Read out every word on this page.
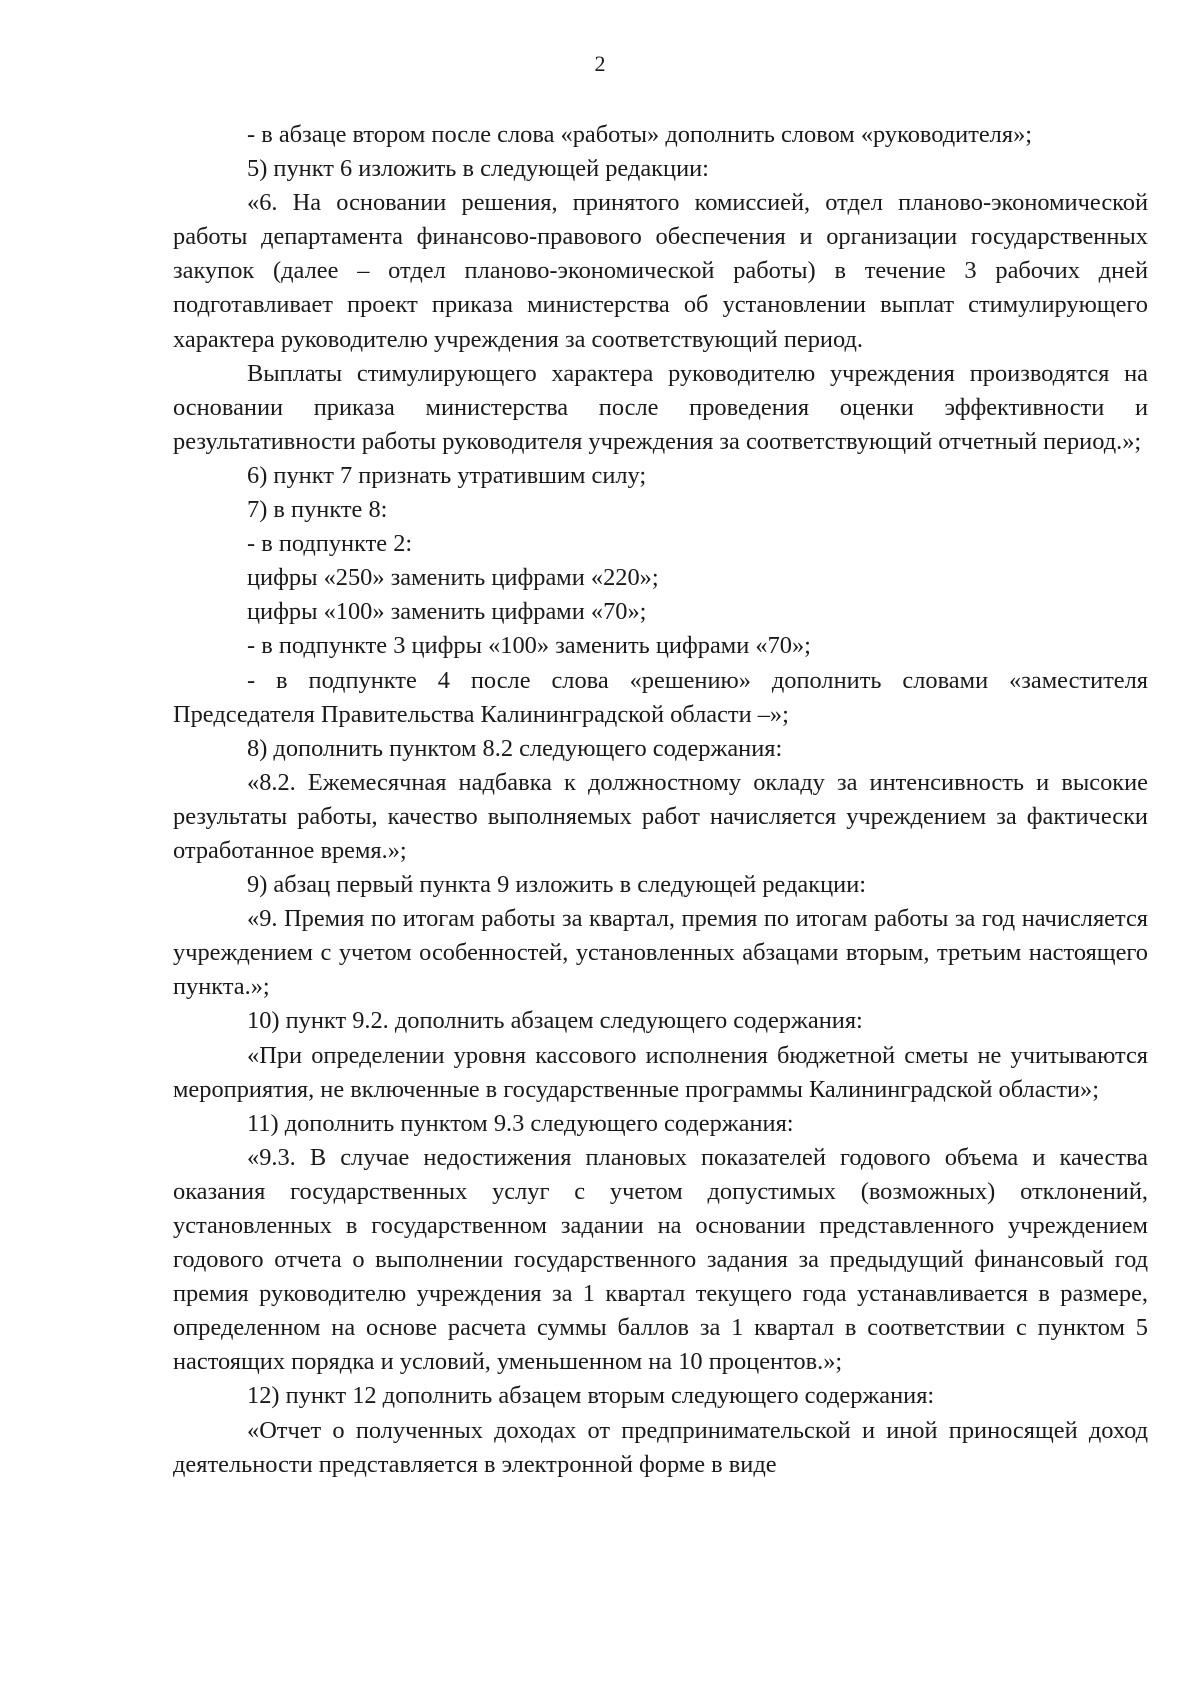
2

- в абзаце втором после слова «работы» дополнить словом «руководителя»;

5) пункт 6 изложить в следующей редакции:

«6. На основании решения, принятого комиссией, отдел планово-экономической работы департамента финансово-правового обеспечения и организации государственных закупок (далее – отдел планово-экономической работы) в течение 3 рабочих дней подготавливает проект приказа министерства об установлении выплат стимулирующего характера руководителю учреждения за соответствующий период.

Выплаты стимулирующего характера руководителю учреждения производятся на основании приказа министерства после проведения оценки эффективности и результативности работы руководителя учреждения за соответствующий отчетный период.»;

6) пункт 7 признать утратившим силу;

7) в пункте 8:

- в подпункте 2:

цифры «250» заменить цифрами «220»;

цифры «100» заменить цифрами «70»;

- в подпункте 3 цифры «100» заменить цифрами «70»;

- в подпункте 4 после слова «решению» дополнить словами «заместителя Председателя Правительства Калининградской области –»;

8) дополнить пунктом 8.2 следующего содержания:

«8.2. Ежемесячная надбавка к должностному окладу за интенсивность и высокие результаты работы, качество выполняемых работ начисляется учреждением за фактически отработанное время.»;

9) абзац первый пункта 9 изложить в следующей редакции:

«9. Премия по итогам работы за квартал, премия по итогам работы за год начисляется учреждением с учетом особенностей, установленных абзацами вторым, третьим настоящего пункта.»;

10) пункт 9.2. дополнить абзацем следующего содержания:

«При определении уровня кассового исполнения бюджетной сметы не учитываются мероприятия, не включенные в государственные программы Калининградской области»;

11) дополнить пунктом 9.3 следующего содержания:

«9.3. В случае недостижения плановых показателей годового объема и качества оказания государственных услуг с учетом допустимых (возможных) отклонений, установленных в государственном задании на основании представленного учреждением годового отчета о выполнении государственного задания за предыдущий финансовый год премия руководителю учреждения за 1 квартал текущего года устанавливается в размере, определенном на основе расчета суммы баллов за 1 квартал в соответствии с пунктом 5 настоящих порядка и условий, уменьшенном на 10 процентов.»;

12) пункт 12 дополнить абзацем вторым следующего содержания:

«Отчет о полученных доходах от предпринимательской и иной приносящей доход деятельности представляется в электронной форме в виде
